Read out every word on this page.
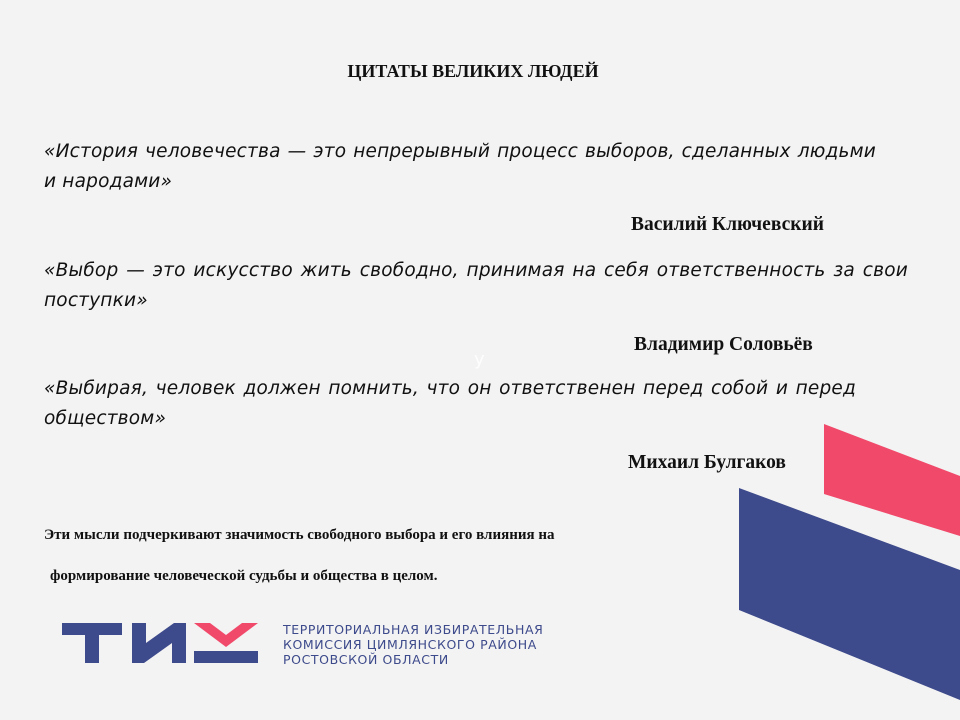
ЦИТАТЫ ВЕЛИКИХ ЛЮДЕЙ
«История человечества — это непрерывный процесс выборов, сделанных людьми и народами»
Василий Ключевский
«Выбор — это искусство жить свободно, принимая на себя ответственность за свои поступки»
Владимир Соловьёв
у
«Выбирая, человек должен помнить, что он ответственен перед собой и перед обществом»
Михаил Булгаков
Эти мысли подчеркивают значимость свободного выбора и его влияния на
формирование человеческой судьбы и общества в целом.
ТЕРРИТОРИАЛЬНАЯ ИЗБИРАТЕЛЬНАЯ
КОМИССИЯ ЦИМЛЯНСКОГО РАЙОНА
РОСТОВСКОЙ ОБЛАСТИ
